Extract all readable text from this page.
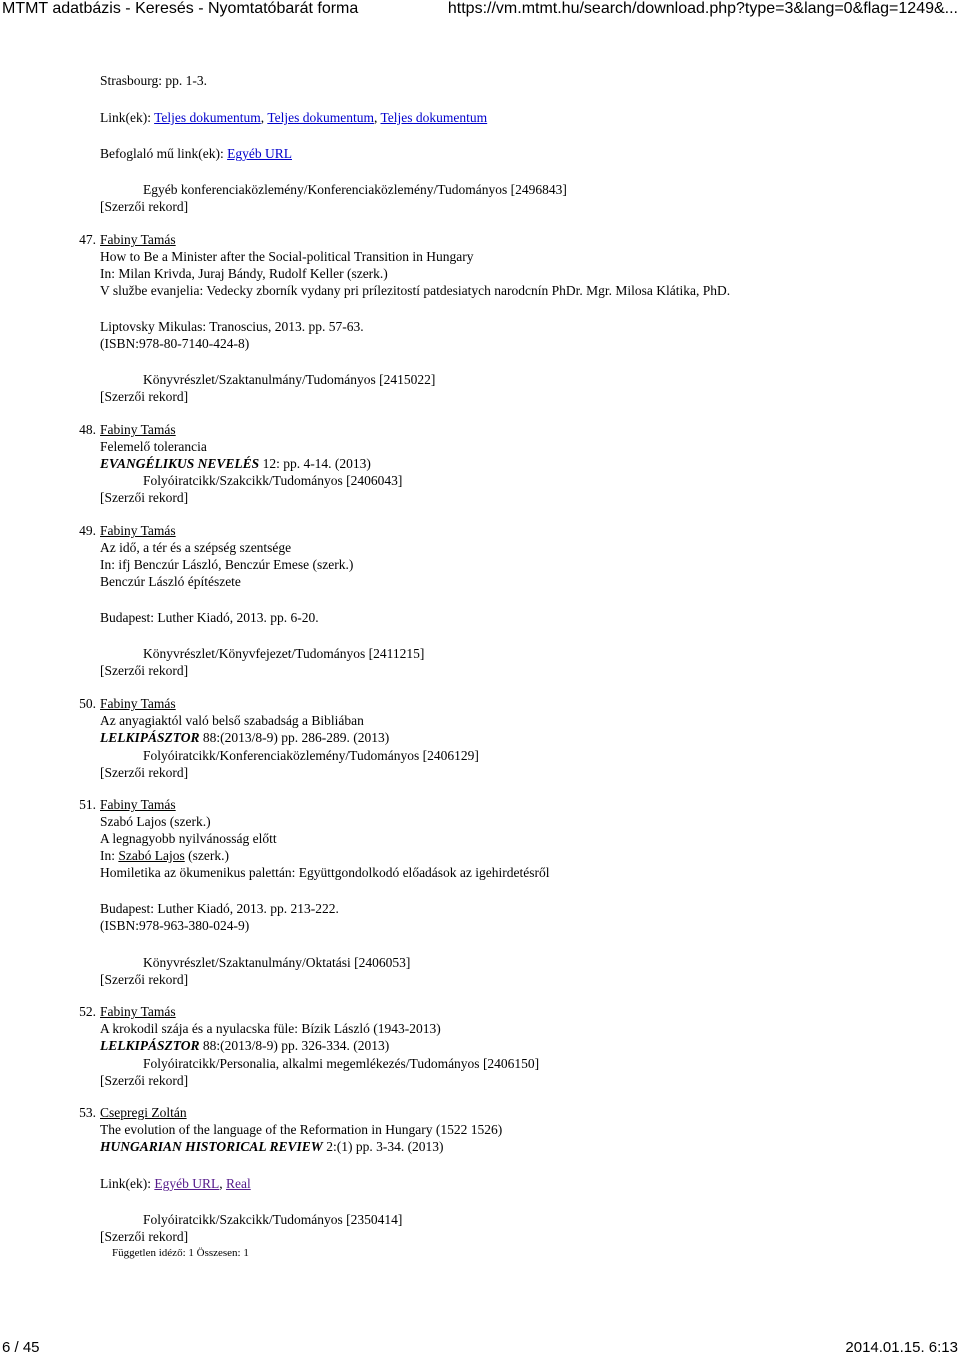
MTMT adatbázis - Keresés - Nyomtatóbarát forma	https://vm.mtmt.hu/search/download.php?type=3&lang=0&flag=1249&...
Strasbourg: pp. 1-3.
Link(ek): Teljes dokumentum, Teljes dokumentum, Teljes dokumentum
Befoglaló mű link(ek): Egyéb URL
Egyéb konferenciaközlemény/Konferenciaközlemény/Tudományos [2496843]
[Szerzői rekord]
47. Fabiny Tamás
How to Be a Minister after the Social-political Transition in Hungary
In: Milan Krivda, Juraj Bándy, Rudolf Keller (szerk.)
V službe evanjelia: Vedecky zborník vydany pri prílezitostí patdesiatych narodcnín PhDr. Mgr. Milosa Klátika, PhD.
Liptovsky Mikulas: Tranoscius, 2013. pp. 57-63.
(ISBN:978-80-7140-424-8)
Könyvrészlet/Szaktanulmány/Tudományos [2415022]
[Szerzői rekord]
48. Fabiny Tamás
Felemelő tolerancia
EVANGÉLIKUS NEVELÉS 12: pp. 4-14. (2013)
Folyóiratcikk/Szakcikk/Tudományos [2406043]
[Szerzői rekord]
49. Fabiny Tamás
Az idő, a tér és a szépség szentsége
In: ifj Benczúr László, Benczúr Emese (szerk.)
Benczúr László építészete
Budapest: Luther Kiadó, 2013. pp. 6-20.
Könyvrészlet/Könyvfejezet/Tudományos [2411215]
[Szerzői rekord]
50. Fabiny Tamás
Az anyagiaktól való belső szabadság a Bibliában
LELKIPÁSZTOR 88:(2013/8-9) pp. 286-289. (2013)
Folyóiratcikk/Konferenciaközlemény/Tudományos [2406129]
[Szerzői rekord]
51. Fabiny Tamás
Szabó Lajos (szerk.)
A legnagyobb nyilvánosság előtt
In: Szabó Lajos (szerk.)
Homiletika az ökumenikus palettán: Együttgondolkodó előadások az igehirdetésről
Budapest: Luther Kiadó, 2013. pp. 213-222.
(ISBN:978-963-380-024-9)
Könyvrészlet/Szaktanulmány/Oktatási [2406053]
[Szerzői rekord]
52. Fabiny Tamás
A krokodil szája és a nyulacska füle: Bízik László (1943-2013)
LELKIPÁSZTOR 88:(2013/8-9) pp. 326-334. (2013)
Folyóiratcikk/Personalia, alkalmi megemlékezés/Tudományos [2406150]
[Szerzői rekord]
53. Csepregi Zoltán
The evolution of the language of the Reformation in Hungary (1522 1526)
HUNGARIAN HISTORICAL REVIEW 2:(1) pp. 3-34. (2013)
Link(ek): Egyéb URL, Real
Folyóiratcikk/Szakcikk/Tudományos [2350414]
[Szerzői rekord]
Független idéző: 1 Összesen: 1
6 / 45	2014.01.15. 6:13
